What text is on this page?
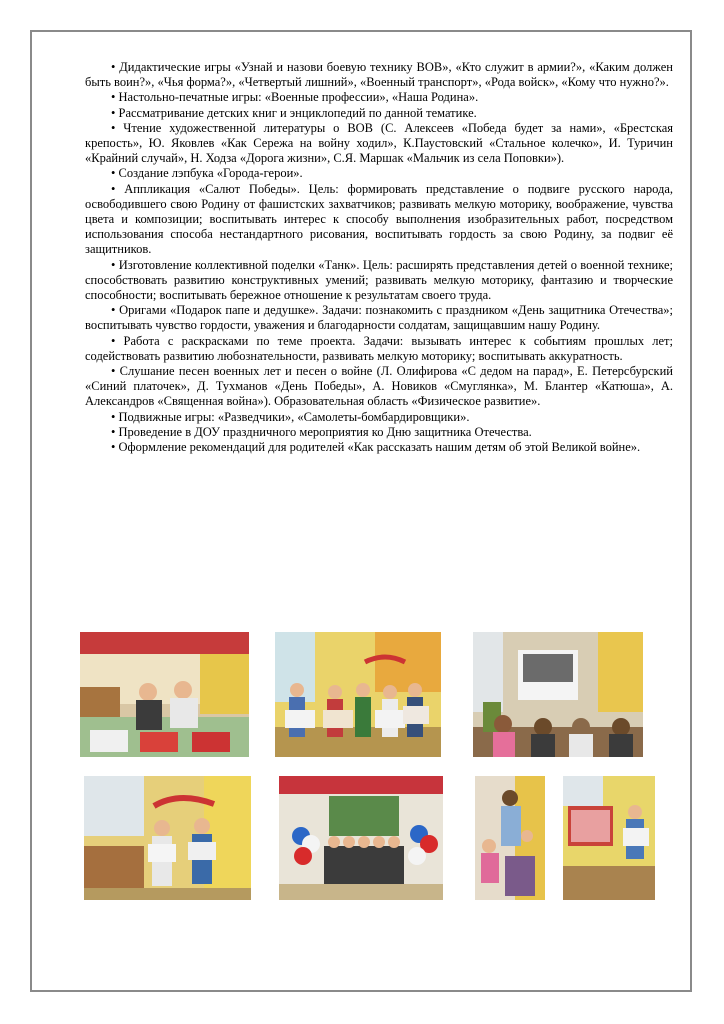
• Дидактические игры «Узнай и назови боевую технику ВОВ», «Кто служит в армии?», «Каким должен быть воин?», «Чья форма?», «Четвертый лишний», «Военный транспорт», «Рода войск», «Кому что нужно?».

• Настольно-печатные игры: «Военные профессии», «Наша Родина».

• Рассматривание детских книг и энциклопедий по данной тематике.

• Чтение художественной литературы о ВОВ (С. Алексеев «Победа будет за нами», «Брестская крепость», Ю. Яковлев «Как Сережа на войну ходил», К.Паустовский «Стальное колечко», И. Туричин «Крайний случай», Н. Ходза «Дорога жизни», С.Я. Маршак «Мальчик из села Поповки»).

• Создание лэпбука «Города-герои».

• Аппликация «Салют Победы». Цель: формировать представление о подвиге русского народа, освободившего свою Родину от фашистских захватчиков; развивать мелкую моторику, воображение, чувства цвета и композиции; воспитывать интерес к способу выполнения изобразительных работ, посредством использования способа нестандартного рисования, воспитывать гордость за свою Родину, за подвиг её защитников.

• Изготовление коллективной поделки «Танк». Цель: расширять представления детей о военной технике; способствовать развитию конструктивных умений; развивать мелкую моторику, фантазию и творческие способности; воспитывать бережное отношение к результатам своего труда.

• Оригами «Подарок папе и дедушке». Задачи: познакомить с праздником «День защитника Отечества»; воспитывать чувство гордости, уважения и благодарности солдатам, защищавшим нашу Родину.

• Работа с раскрасками по теме проекта. Задачи: вызывать интерес к событиям прошлых лет; содействовать развитию любознательности, развивать мелкую моторику; воспитывать аккуратность.

• Слушание песен военных лет и песен о войне (Л. Олифирова «С дедом на парад», Е. Петерсбурский «Синий платочек», Д. Тухманов «День Победы», А. Новиков «Смуглянка», М. Блантер «Катюша», А. Александров «Священная война»). Образовательная область «Физическое развитие».

• Подвижные игры: «Разведчики», «Самолеты-бомбардировщики».

• Проведение в ДОУ праздничного мероприятия ко Дню защитника Отечества.

• Оформление рекомендаций для родителей «Как рассказать нашим детям об этой Великой войне».
